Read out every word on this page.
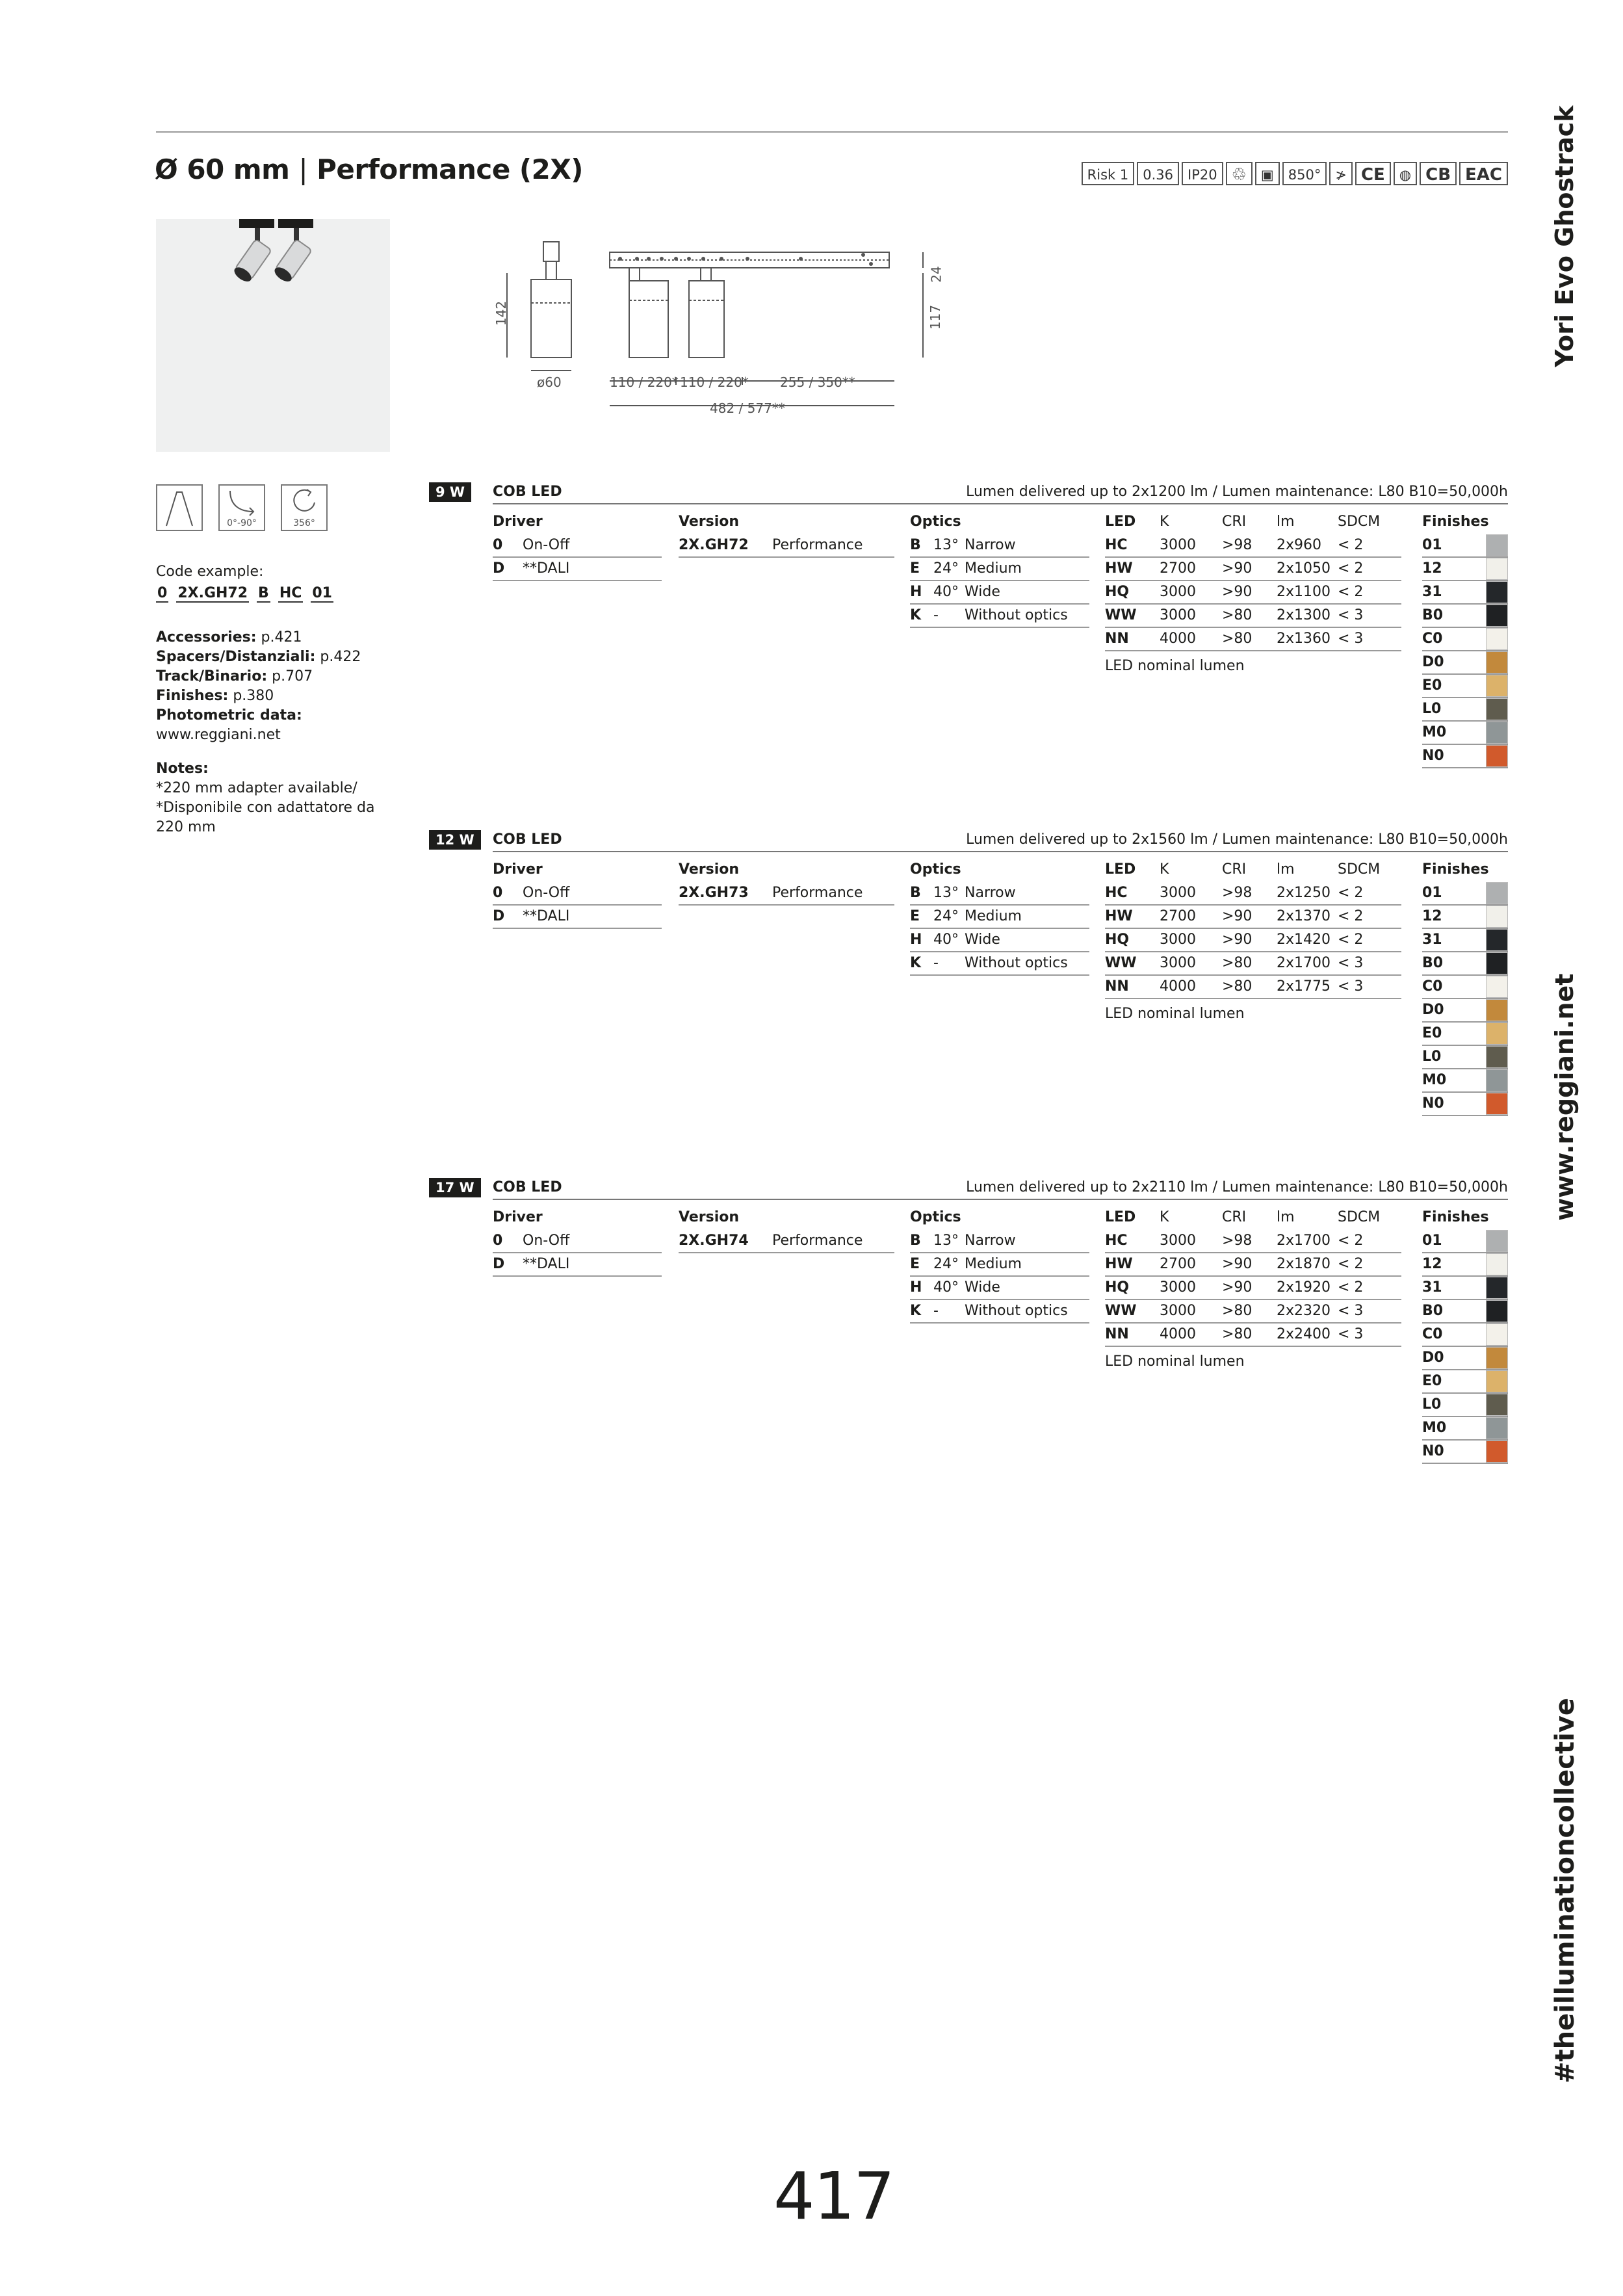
Ø 60 mm | Performance (2X)	Risk 1	0.36	IP20 ♲	▣	850°	≯ CE	◍ CB EAC Yori Evo Ghostrack
www.reggiani.net
#theilluminationcollective
142
24
117
ø60	110 / 220* 110 / 220* 255 / 350**
482 / 577**
0°-90°	356°
Code example:
0 2X.GH72 B HC 01
Accessories: p.421
Spacers/Distanziali: p.422
Track/Binario: p.707
Finishes: p.380
Photometric data:
www.reggiani.net
Notes:
*220 mm adapter available/
*Disponibile con adattatore da
220 mm
9 W	COB LED	Lumen delivered up to 2x1200 lm / Lumen maintenance: L80 B10=50,000h
Driver
0 On-Off
D **DALI
Version
2X.GH72 Performance
Optics
B 13° Narrow
E 24° Medium
H 40° Wide
K - Without optics
LED K	CRI lm	SDCM
HC 3000 >98 2x960 < 2
HW 2700 >90 2x1050 < 2
HQ 3000 >90 2x1100 < 2
WW 3000 >80 2x1300 < 3
NN 4000 >80 2x1360 < 3
LED nominal lumen
Finishes
01
12
31
B0
C0
D0
E0
L0
M0
N0
12 W	COB LED	Lumen delivered up to 2x1560 lm / Lumen maintenance: L80 B10=50,000h
Driver
0 On-Off
D **DALI
Version
2X.GH73 Performance
Optics
B 13° Narrow
E 24° Medium
H 40° Wide
K - Without optics
LED K	CRI lm	SDCM
HC 3000 >98 2x1250 < 2
HW 2700 >90 2x1370 < 2
HQ 3000 >90 2x1420 < 2
WW 3000 >80 2x1700 < 3
NN 4000 >80 2x1775 < 3
LED nominal lumen
Finishes
01
12
31
B0
C0
D0
E0
L0
M0
N0
17 W	COB LED	Lumen delivered up to 2x2110 lm / Lumen maintenance: L80 B10=50,000h
Driver
0 On-Off
D **DALI
Version
2X.GH74 Performance
Optics
B 13° Narrow
E 24° Medium
H 40° Wide
K - Without optics
LED K	CRI lm	SDCM
HC 3000 >98 2x1700 < 2
HW 2700 >90 2x1870 < 2
HQ 3000 >90 2x1920 < 2
WW 3000 >80 2x2320 < 3
NN 4000 >80 2x2400 < 3
LED nominal lumen
Finishes
01
12
31
B0
C0
D0
E0
L0
M0
N0
417
